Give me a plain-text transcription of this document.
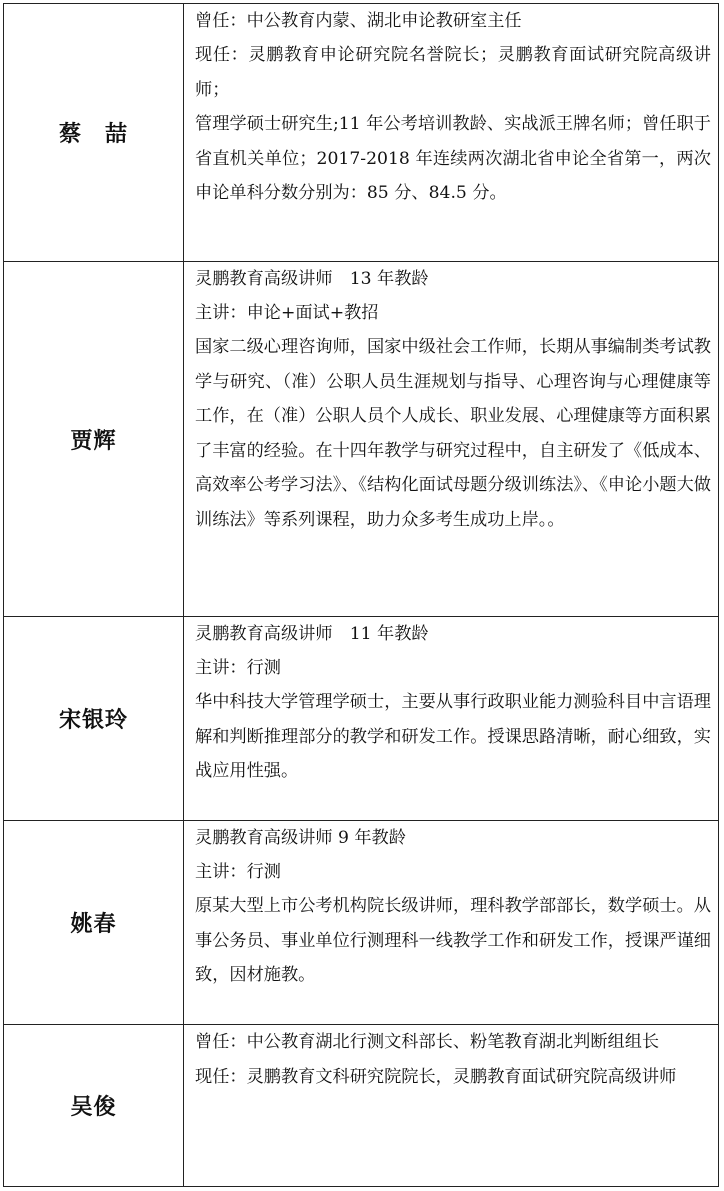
蔡　喆	曾任：中公教育内蒙、湖北申论教研室主任
现任：灵鹏教育申论研究院名誉院长；灵鹏教育面试研究院高级讲师；
管理学硕士研究生;11 年公考培训教龄、实战派王牌名师；曾任职于省直机关单位；2017-2018 年连续两次湖北省申论全省第一，两次申论单科分数分别为：85 分、84.5 分。

贾辉	灵鹏教育高级讲师　13 年教龄
主讲：申论+面试+教招
国家二级心理咨询师，国家中级社会工作师，长期从事编制类考试教学与研究、（准）公职人员生涯规划与指导、心理咨询与心理健康等工作，在（准）公职人员个人成长、职业发展、心理健康等方面积累了丰富的经验。在十四年教学与研究过程中，自主研发了《低成本、高效率公考学习法》、《结构化面试母题分级训练法》、《申论小题大做训练法》等系列课程，助力众多考生成功上岸。。

宋银玲	灵鹏教育高级讲师　11 年教龄
主讲：行测
华中科技大学管理学硕士，主要从事行政职业能力测验科目中言语理解和判断推理部分的教学和研发工作。授课思路清晰，耐心细致，实战应用性强。

姚春	灵鹏教育高级讲师 9 年教龄
主讲：行测
原某大型上市公考机构院长级讲师，理科教学部部长，数学硕士。从事公务员、事业单位行测理科一线教学工作和研发工作，授课严谨细致，因材施教。

吴俊	曾任：中公教育湖北行测文科部长、粉笔教育湖北判断组组长
现任：灵鹏教育文科研究院院长，灵鹏教育面试研究院高级讲师
